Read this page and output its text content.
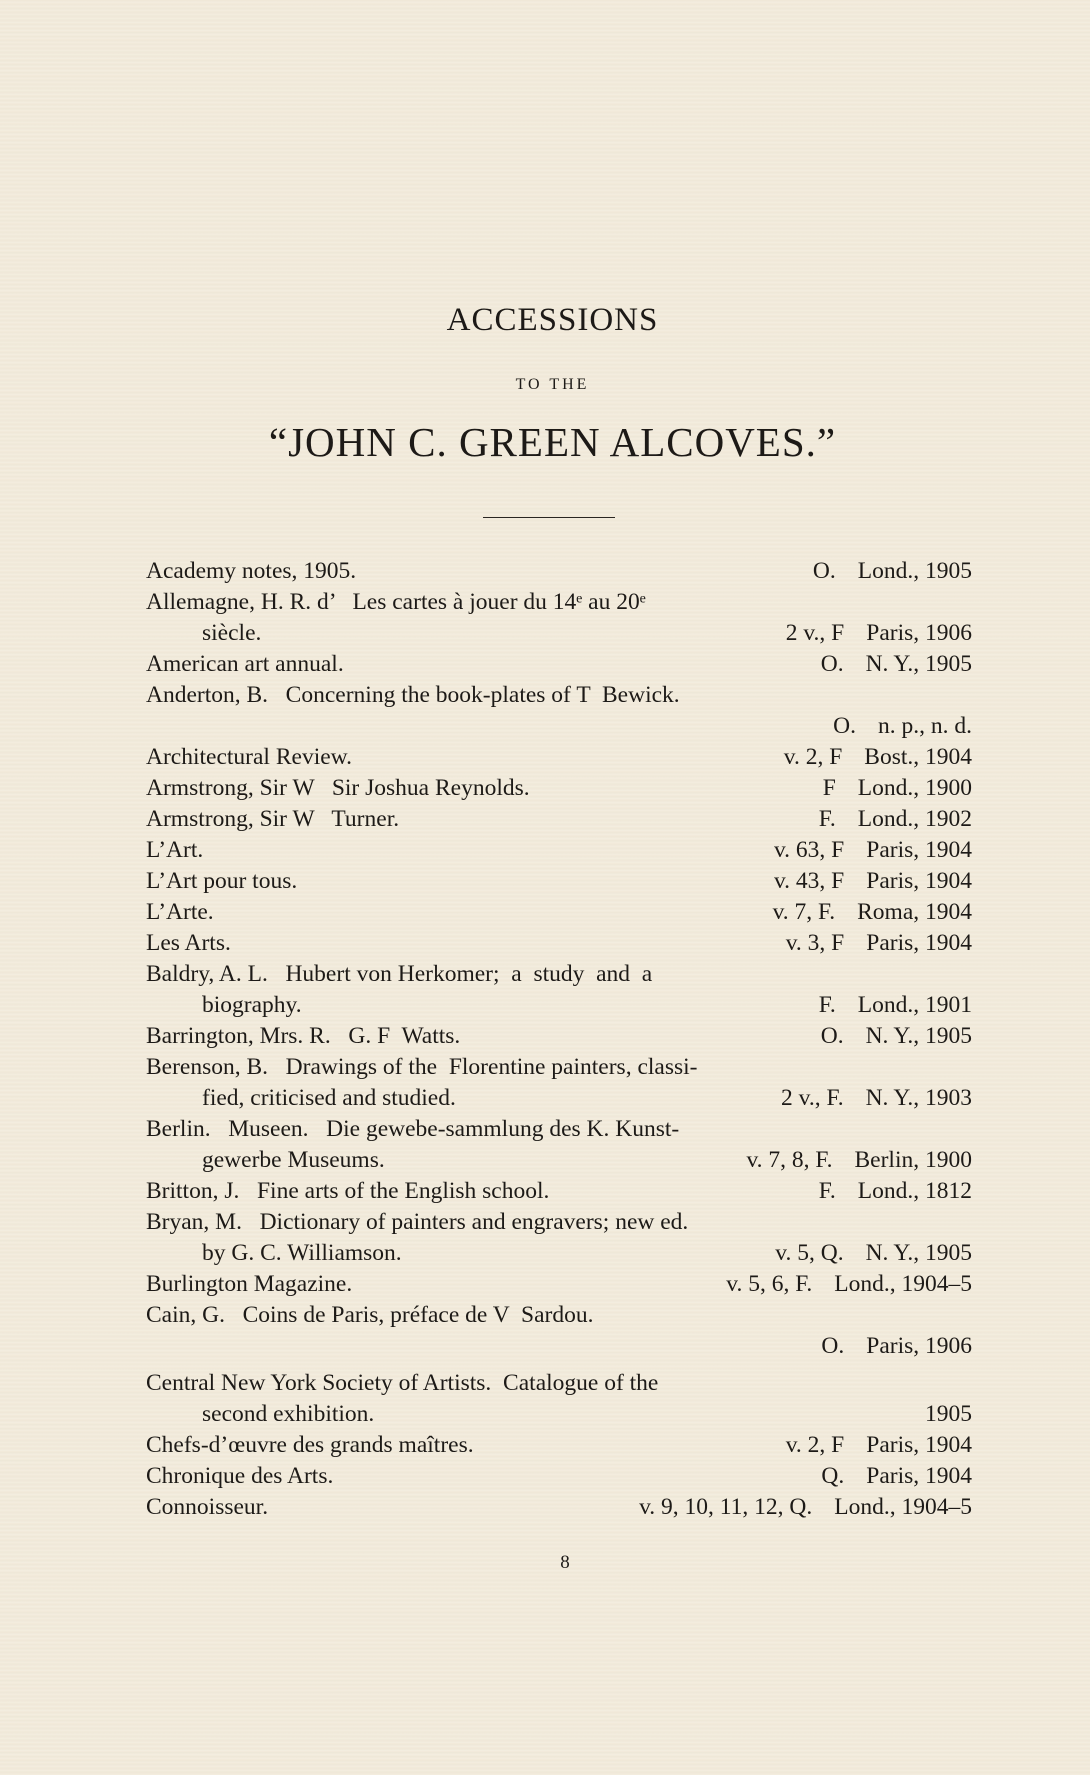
ACCESSIONS
TO THE
“JOHN C. GREEN ALCOVES.”
Academy notes, 1905.	O. Lond., 1905
Allemagne, H. R. d’   Les cartes à jouer du 14ᵉ au 20ᵉ
siècle.	2 v., F Paris, 1906
American art annual.	O. N. Y., 1905
Anderton, B.   Concerning the book-plates of T  Bewick.
O. n. p., n. d.
Architectural Review.	v. 2, F Bost., 1904
Armstrong, Sir W   Sir Joshua Reynolds.	F Lond., 1900
Armstrong, Sir W   Turner.	F. Lond., 1902
L’Art.	v. 63, F Paris, 1904
L’Art pour tous.	v. 43, F Paris, 1904
L’Arte.	v. 7, F. Roma, 1904
Les Arts.	v. 3, F Paris, 1904
Baldry, A. L.   Hubert von Herkomer;  a  study  and  a
biography.	F. Lond., 1901
Barrington, Mrs. R.   G. F  Watts.	O. N. Y., 1905
Berenson, B.   Drawings of the  Florentine painters, classi-
fied, criticised and studied.	2 v., F. N. Y., 1903
Berlin.   Museen.   Die gewebe-sammlung des K. Kunst-
gewerbe Museums.	v. 7, 8, F. Berlin, 1900
Britton, J.   Fine arts of the English school.	F. Lond., 1812
Bryan, M.   Dictionary of painters and engravers; new ed.
by G. C. Williamson.	v. 5, Q. N. Y., 1905
Burlington Magazine.	v. 5, 6, F. Lond., 1904–5
Cain, G.   Coins de Paris, préface de V  Sardou.
O. Paris, 1906
Central New York Society of Artists.  Catalogue of the
second exhibition.	1905
Chefs-d’œuvre des grands maîtres.	v. 2, F Paris, 1904
Chronique des Arts.	Q. Paris, 1904
Connoisseur.	v. 9, 10, 11, 12, Q. Lond., 1904–5
8
